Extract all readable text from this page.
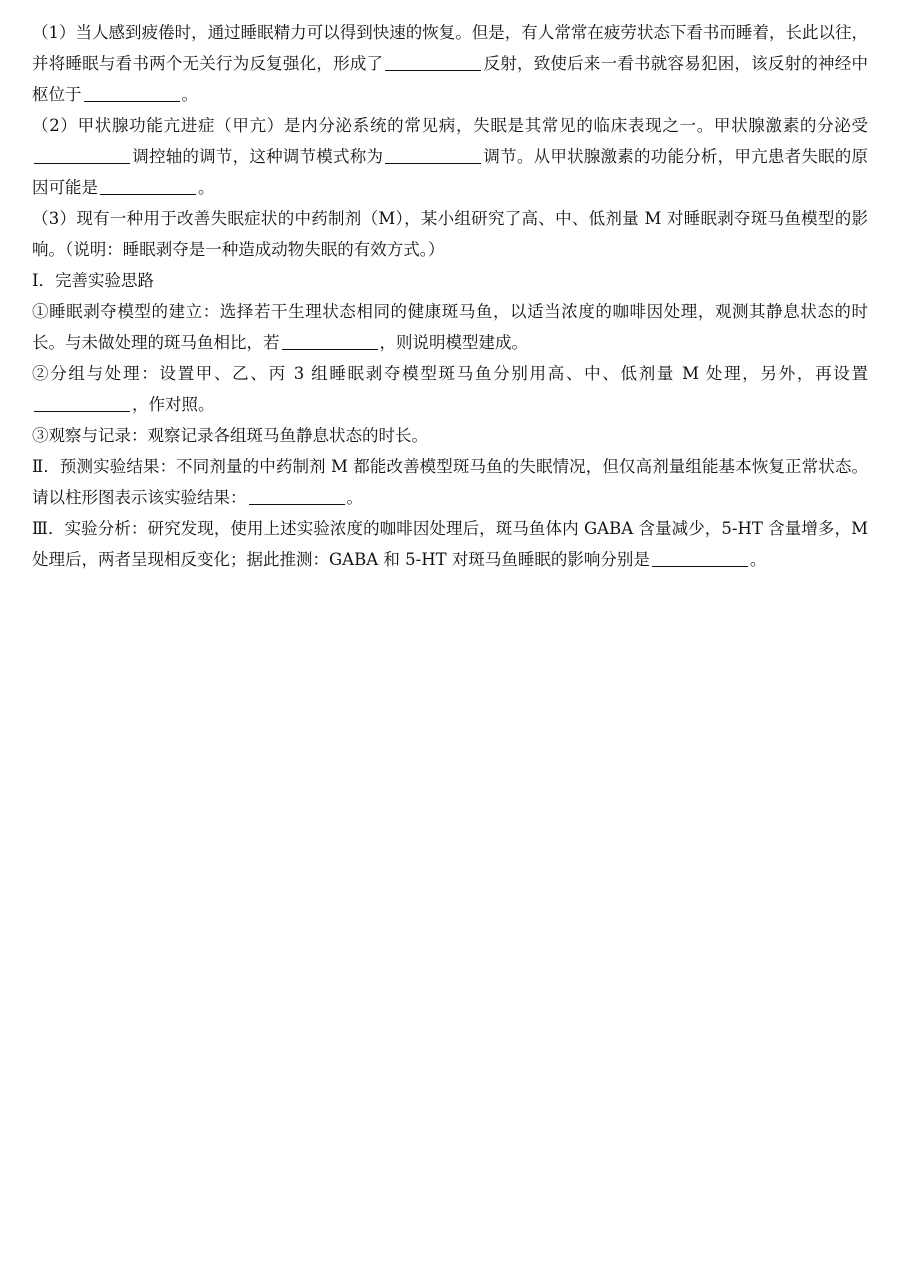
（1）当人感到疲倦时，通过睡眠精力可以得到快速的恢复。但是，有人常常在疲劳状态下看书而睡着，长此以往，并将睡眠与看书两个无关行为反复强化，形成了	反射，致使后来一看书就容易犯困，该反射的神经中枢位于	。

（2）甲状腺功能亢进症（甲亢）是内分泌系统的常见病，失眠是其常见的临床表现之一。甲状腺激素的分泌受调控轴的调节，这种调节模式称为	调节。从甲状腺激素的功能分析，甲亢患者失眠的原因可能是	。

（3）现有一种用于改善失眠症状的中药制剂（M），某小组研究了高、中、低剂量 M 对睡眠剥夺斑马鱼模型的影响。（说明：睡眠剥夺是一种造成动物失眠的有效方式。）

I．完善实验思路

①睡眠剥夺模型的建立：选择若干生理状态相同的健康斑马鱼，以适当浓度的咖啡因处理，观测其静息状态的时长。与未做处理的斑马鱼相比，若	，则说明模型建成。

②分组与处理：设置甲、乙、丙 3 组睡眠剥夺模型斑马鱼分别用高、中、低剂量 M 处理，另外，再设置，作对照。

③观察与记录：观察记录各组斑马鱼静息状态的时长。

Ⅱ．预测实验结果：不同剂量的中药制剂 M 都能改善模型斑马鱼的失眠情况，但仅高剂量组能基本恢复正常状态。请以柱形图表示该实验结果：	。

Ⅲ．实验分析：研究发现，使用上述实验浓度的咖啡因处理后，斑马鱼体内 GABA 含量减少，5-HT 含量增多，M 处理后，两者呈现相反变化；据此推测：GABA 和 5-HT 对斑马鱼睡眠的影响分别是	。
